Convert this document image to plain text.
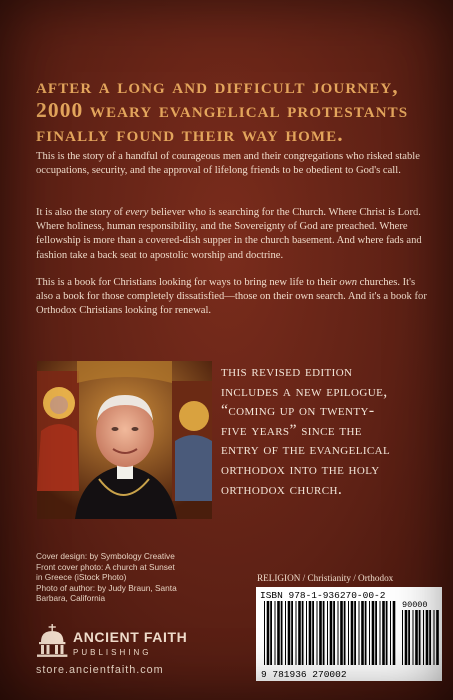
after a long and difficult journey,
2000 weary evangelical protestants
finally found their way home.

This is the story of a handful of courageous men and their congregations who risked stable occupations, security, and the approval of lifelong friends to be obedient to God's call.

It is also the story of every believer who is searching for the Church. Where Christ is Lord. Where holiness, human responsibility, and the Sovereignty of God are preached. Where fellowship is more than a covered-dish supper in the church basement. And where fads and fashion take a back seat to apostolic worship and doctrine.

This is a book for Christians looking for ways to bring new life to their own churches. It's also a book for those completely dissatisfied—those on their own search. And it's a book for Orthodox Christians looking for renewal.

this revised edition
includes a new epilogue,
“coming up on twenty-
five years” since the
entry of the evangelical
orthodox into the holy
orthodox church.

Cover design: by Symbology Creative
Front cover photo: A church at Sunset
in Greece (iStock Photo)
Photo of author: by Judy Braun, Santa
Barbara, California
ANCIENT FAITH
PUBLISHING
store.ancientfaith.com
RELIGION / Christianity / Orthodox
ISBN 978-1-936270-00-2
90000
9 781936 270002
